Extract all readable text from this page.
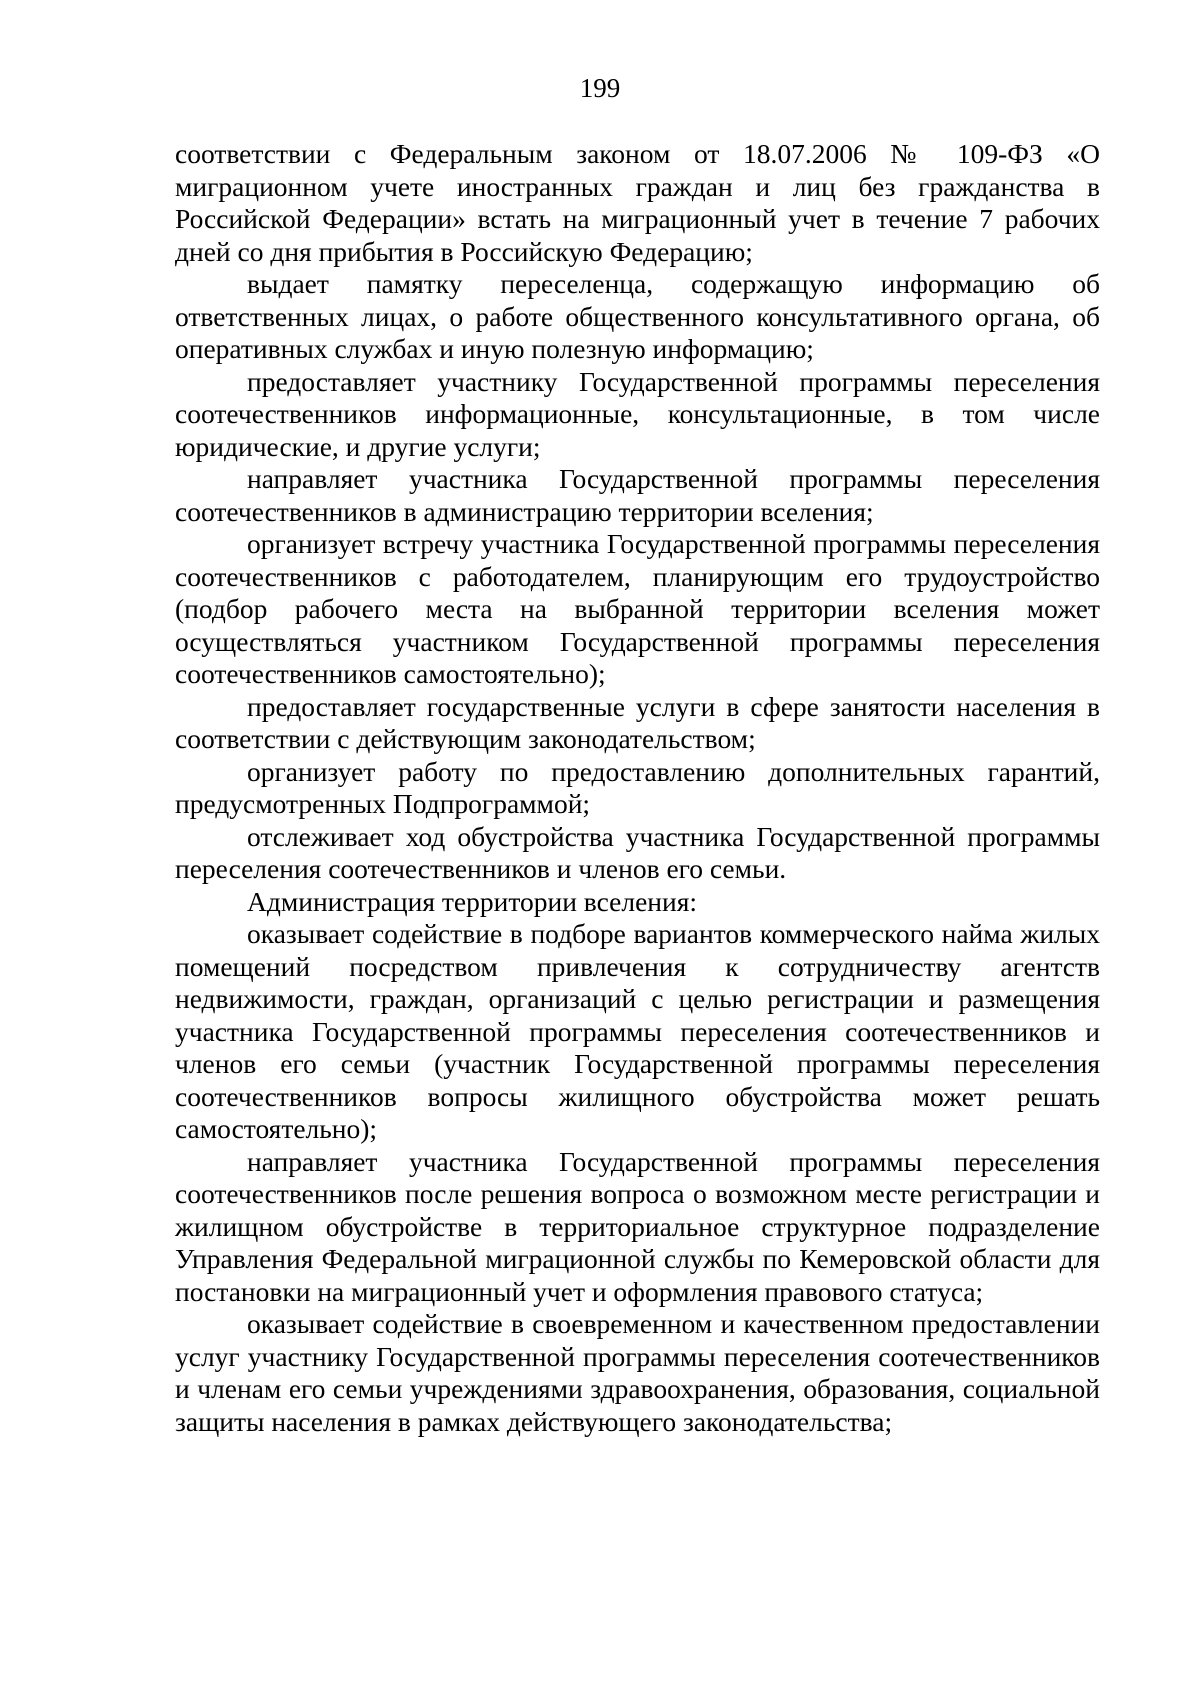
199

соответствии с Федеральным законом от 18.07.2006 № 109-ФЗ «О миграционном учете иностранных граждан и лиц без гражданства в Российской Федерации» встать на миграционный учет в течение 7 рабочих дней со дня прибытия в Российскую Федерацию;

выдает памятку переселенца, содержащую информацию об ответственных лицах, о работе общественного консультативного органа, об оперативных службах и иную полезную информацию;

предоставляет участнику Государственной программы переселения соотечественников информационные, консультационные, в том числе юридические, и другие услуги;

направляет участника Государственной программы переселения соотечественников в администрацию территории вселения;

организует встречу участника Государственной программы переселения соотечественников с работодателем, планирующим его трудоустройство (подбор рабочего места на выбранной территории вселения может осуществляться участником Государственной программы переселения соотечественников самостоятельно);

предоставляет государственные услуги в сфере занятости населения в соответствии с действующим законодательством;

организует работу по предоставлению дополнительных гарантий, предусмотренных Подпрограммой;

отслеживает ход обустройства участника Государственной программы переселения соотечественников и членов его семьи.

Администрация территории вселения:

оказывает содействие в подборе вариантов коммерческого найма жилых помещений посредством привлечения к сотрудничеству агентств недвижимости, граждан, организаций с целью регистрации и размещения участника Государственной программы переселения соотечественников и членов его семьи (участник Государственной программы переселения соотечественников вопросы жилищного обустройства может решать самостоятельно);

направляет участника Государственной программы переселения соотечественников после решения вопроса о возможном месте регистрации и жилищном обустройстве в территориальное структурное подразделение Управления Федеральной миграционной службы по Кемеровской области для постановки на миграционный учет и оформления правового статуса;

оказывает содействие в своевременном и качественном предоставлении услуг участнику Государственной программы переселения соотечественников и членам его семьи учреждениями здравоохранения, образования, социальной защиты населения в рамках действующего законодательства;
